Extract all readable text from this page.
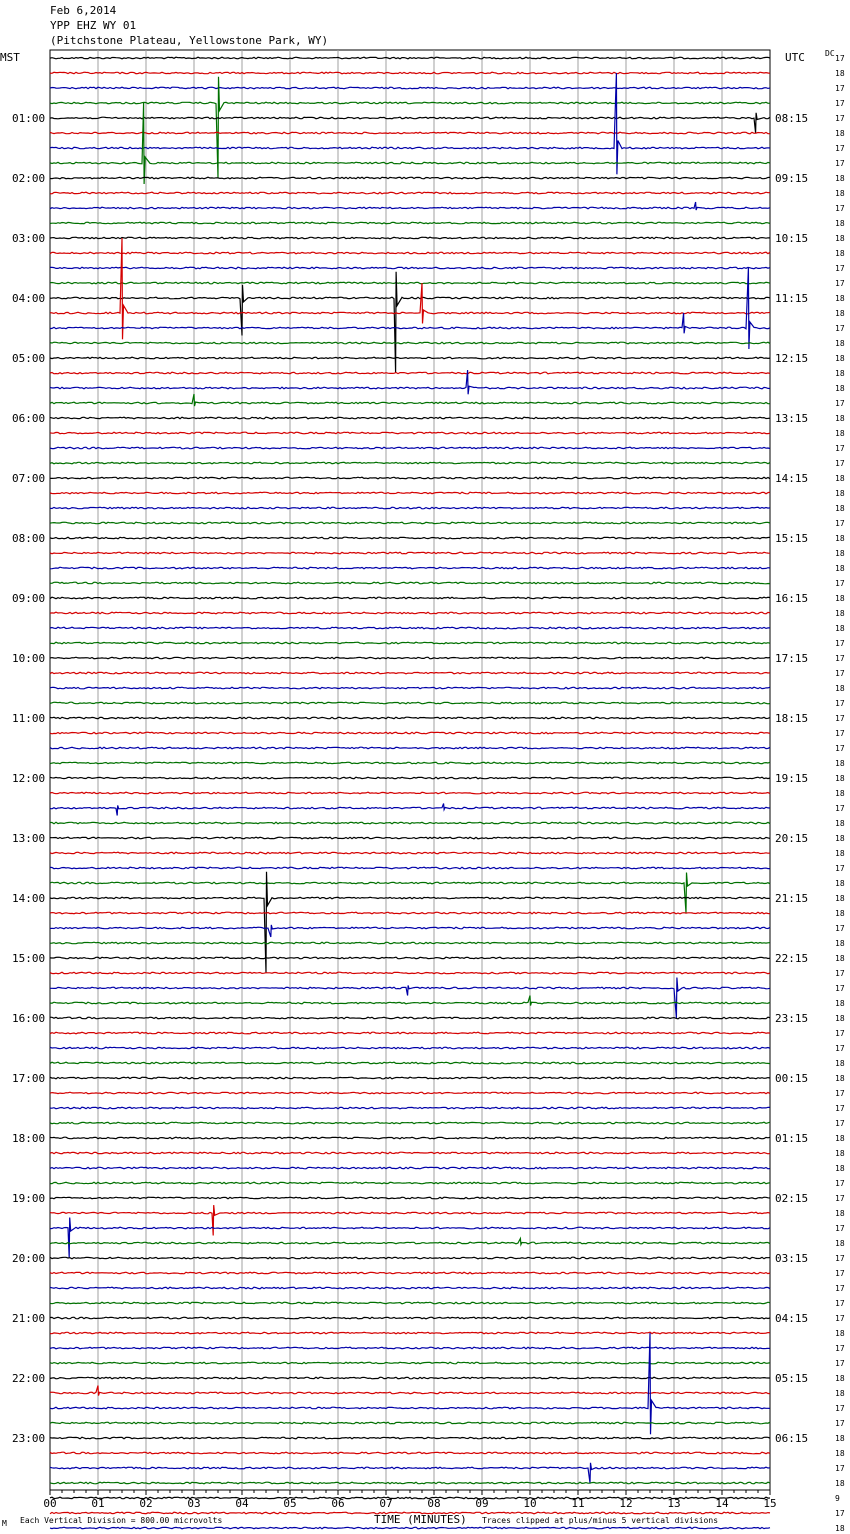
Feb 6,2014
YPP EHZ WY 01
(Pitchstone Plateau, Yellowstone Park, WY)
00	01	02	03	04	05	06	07	08	09	10	11	12	13	14	15
17
18
17
17
17
01:00	08:15
18
17
17
18
02:00	09:15
18
17
18
18
03:00	10:15
18
17
17
18
04:00	11:15
18
17
18
18
05:00	12:15
18
18
17
18
06:00	13:15
18
17
17
18
07:00	14:15
18
18
17
18
08:00	15:15
18
18
17
18
09:00	16:15
18
18
17
17
10:00	17:15
17
18
17
17
11:00	18:15
17
17
18
18
12:00	19:15
18
17
18
18
13:00	20:15
18
17
18
18
14:00	21:15
18
17
18
18
15:00	22:15
17
17
18
18
16:00	23:15
17
17
18
18
17:00	00:15
17
17
17
18
18:00	01:15
18
18
17
17
19:00	02:15
18
17
18
17
20:00	03:15
17
17
17
17
21:00	04:15
18
17
17
18
22:00	05:15
18
17
17
18
23:00	06:15
18
17
18
9
17
18
MST	UTC	DC
TIME (MINUTES)
Each Vertical Division = 800.00 microvolts	Traces clipped at plus/minus 5 vertical divisions
M
